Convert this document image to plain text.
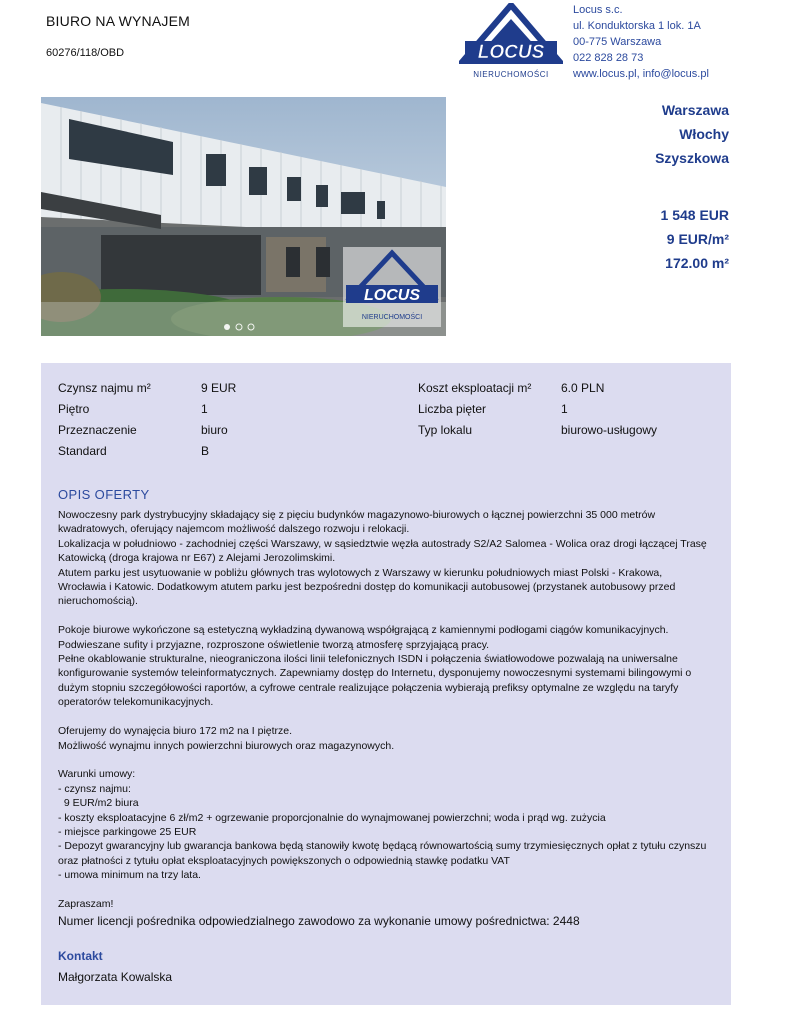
BIURO NA WYNAJEM
60276/118/OBD	LOCUS
NIERUCHOMOŚCI
Locus s.c.
ul. Konduktorska 1 lok. 1A
00-775 Warszawa
022 828 28 73
www.locus.pl, info@locus.pl
LOCUS
NIERUCHOMOŚCI
Warszawa
Włochy
Szyszkowa
1 548 EUR
9 EUR/m²
172.00 m²
Czynsz najmu m²	9 EUR
Piętro	1
Przeznaczenie	biuro
Standard	B
Koszt eksploatacji m² 6.0 PLN
Liczba pięter	1
Typ lokalu	biurowo-usługowy
OPIS OFERTY

Nowoczesny park dystrybucyjny składający się z pięciu budynków magazynowo-biurowych o łącznej powierzchni 35 000 metrów

kwadratowych, oferujący najemcom możliwość dalszego rozwoju i relokacji.

Lokalizacja w południowo - zachodniej części Warszawy, w sąsiedztwie węzła autostrady S2/A2 Salomea - Wolica oraz drogi łączącej Trasę

Katowicką (droga krajowa nr E67) z Alejami Jerozolimskimi.

Atutem parku jest usytuowanie w pobliżu głównych tras wylotowych z Warszawy w kierunku południowych miast Polski - Krakowa,

Wrocławia i Katowic. Dodatkowym atutem parku jest bezpośredni dostęp do komunikacji autobusowej (przystanek autobusowy przed

nieruchomością).

Pokoje biurowe wykończone są estetyczną wykładziną dywanową współgrającą z kamiennymi podłogami ciągów komunikacyjnych.

Podwieszane sufity i przyjazne, rozproszone oświetlenie tworzą atmosferę sprzyjającą pracy.

Pełne okablowanie strukturalne, nieograniczona ilości linii telefonicznych ISDN i połączenia światłowodowe pozwalają na uniwersalne

konfigurowanie systemów teleinformatycznych. Zapewniamy dostęp do Internetu, dysponujemy nowoczesnymi systemami bilingowymi o

dużym stopniu szczegółowości raportów, a cyfrowe centrale realizujące połączenia wybierają prefiksy optymalne ze względu na taryfy

operatorów telekomunikacyjnych.

Oferujemy do wynajęcia biuro 172 m2 na I piętrze.

Możliwość wynajmu innych powierzchni biurowych oraz magazynowych.

Warunki umowy:

- czynsz najmu:

9 EUR/m2 biura

- koszty eksploatacyjne 6 zł/m2 + ogrzewanie proporcjonalnie do wynajmowanej powierzchni; woda i prąd wg. zużycia

- miejsce parkingowe 25 EUR

- Depozyt gwarancyjny lub gwarancja bankowa będą stanowiły kwotę będącą równowartością sumy trzymiesięcznych opłat z tytułu czynszu

oraz płatności z tytułu opłat eksploatacyjnych powiększonych o odpowiednią stawkę podatku VAT

- umowa minimum na trzy lata.

Zapraszam!

Numer licencji pośrednika odpowiedzialnego zawodowo za wykonanie umowy pośrednictwa: 2448
Kontakt
Małgorzata Kowalska
